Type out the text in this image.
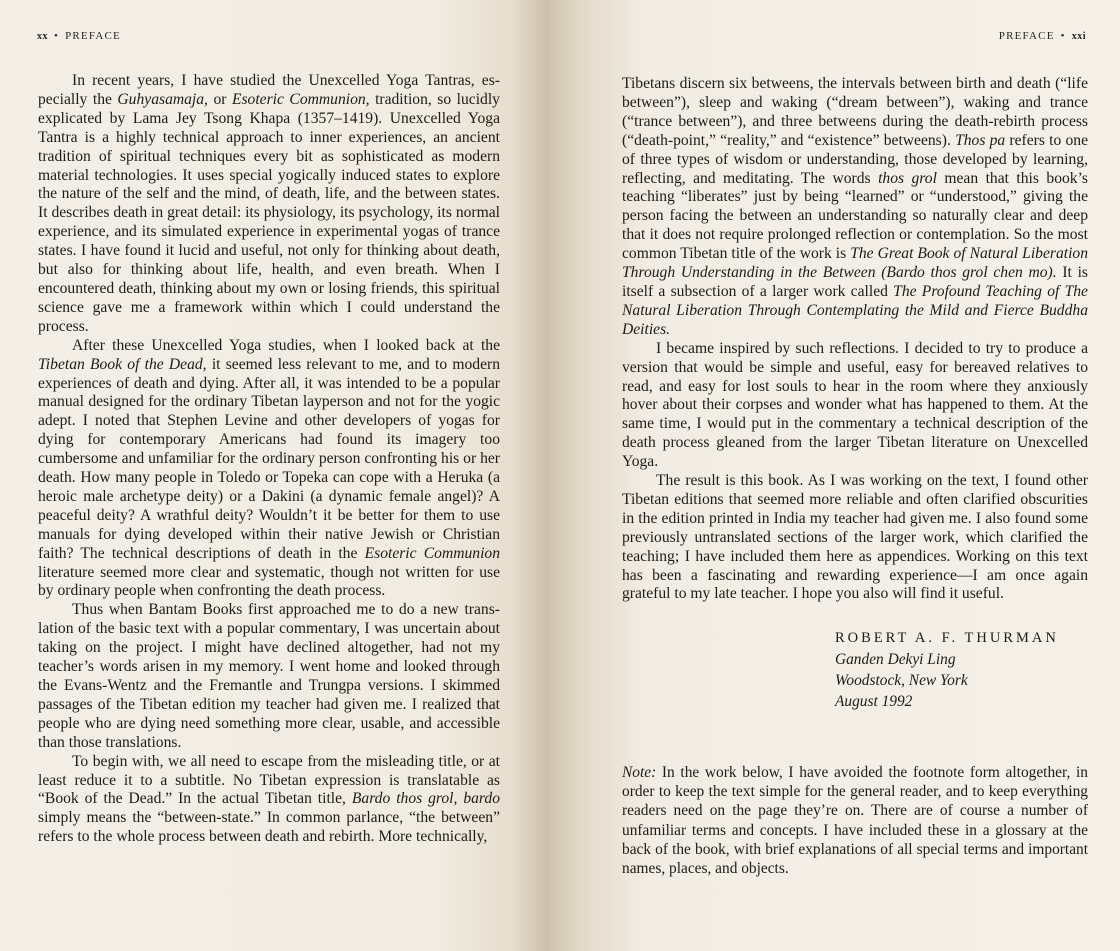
xx • PREFACE

In recent years, I have studied the Unexcelled Yoga Tantras, especially the Guhyasamaja, or Esoteric Communion, tradition, so lucidly explicated by Lama Jey Tsong Khapa (1357–1419). Unexcelled Yoga Tantra is a highly technical approach to inner experiences, an ancient tradition of spiritual techniques every bit as sophisticated as modern material technologies. It uses special yogically induced states to explore the nature of the self and the mind, of death, life, and the between states. It describes death in great detail: its physiology, its psychology, its normal experience, and its simulated experience in experimental yogas of trance states. I have found it lucid and useful, not only for thinking about death, but also for thinking about life, health, and even breath. When I encountered death, thinking about my own or losing friends, this spiritual science gave me a framework within which I could understand the process.

After these Unexcelled Yoga studies, when I looked back at the Tibetan Book of the Dead, it seemed less relevant to me, and to modern experiences of death and dying. After all, it was intended to be a popular manual designed for the ordinary Tibetan layperson and not for the yogic adept. I noted that Stephen Levine and other developers of yogas for dying for contemporary Americans had found its imagery too cumbersome and unfamiliar for the ordinary person confronting his or her death. How many people in Toledo or Topeka can cope with a Heruka (a heroic male archetype deity) or a Dakini (a dynamic female angel)? A peaceful deity? A wrathful deity? Wouldn’t it be better for them to use manuals for dying developed within their native Jewish or Christian faith? The technical descriptions of death in the Esoteric Communion literature seemed more clear and systematic, though not written for use by ordinary people when confronting the death process.

Thus when Bantam Books first approached me to do a new translation of the basic text with a popular commentary, I was uncertain about taking on the project. I might have declined altogether, had not my teacher’s words arisen in my memory. I went home and looked through the Evans-Wentz and the Fremantle and Trungpa versions. I skimmed passages of the Tibetan edition my teacher had given me. I realized that people who are dying need something more clear, usable, and accessible than those translations.

To begin with, we all need to escape from the misleading title, or at least reduce it to a subtitle. No Tibetan expression is translatable as “Book of the Dead.” In the actual Tibetan title, Bardo thos grol, bardo simply means the “between-state.” In common parlance, “the between” refers to the whole process between death and rebirth. More technically,

PREFACE • xxi

Tibetans discern six betweens, the intervals between birth and death (“life between”), sleep and waking (“dream between”), waking and trance (“trance between”), and three betweens during the death-rebirth process (“death-point,” “reality,” and “existence” betweens). Thos pa refers to one of three types of wisdom or understanding, those developed by learning, reflecting, and meditating. The words thos grol mean that this book’s teaching “liberates” just by being “learned” or “understood,” giving the person facing the between an understanding so naturally clear and deep that it does not require prolonged reflection or contemplation. So the most common Tibetan title of the work is The Great Book of Natural Liberation Through Understanding in the Between (Bardo thos grol chen mo). It is itself a subsection of a larger work called The Profound Teaching of The Natural Liberation Through Contemplating the Mild and Fierce Buddha Deities.

I became inspired by such reflections. I decided to try to produce a version that would be simple and useful, easy for bereaved relatives to read, and easy for lost souls to hear in the room where they anxiously hover about their corpses and wonder what has happened to them. At the same time, I would put in the commentary a technical description of the death process gleaned from the larger Tibetan literature on Unexcelled Yoga.

The result is this book. As I was working on the text, I found other Tibetan editions that seemed more reliable and often clarified obscurities in the edition printed in India my teacher had given me. I also found some previously untranslated sections of the larger work, which clarified the teaching; I have included them here as appendices. Working on this text has been a fascinating and rewarding experience—I am once again grateful to my late teacher. I hope you also will find it useful.

ROBERT A. F. THURMAN
Ganden Dekyi Ling
Woodstock, New York
August 1992
Note: In the work below, I have avoided the footnote form altogether, in order to keep the text simple for the general reader, and to keep everything readers need on the page they’re on. There are of course a number of unfamiliar terms and concepts. I have included these in a glossary at the back of the book, with brief explanations of all special terms and important names, places, and objects.
